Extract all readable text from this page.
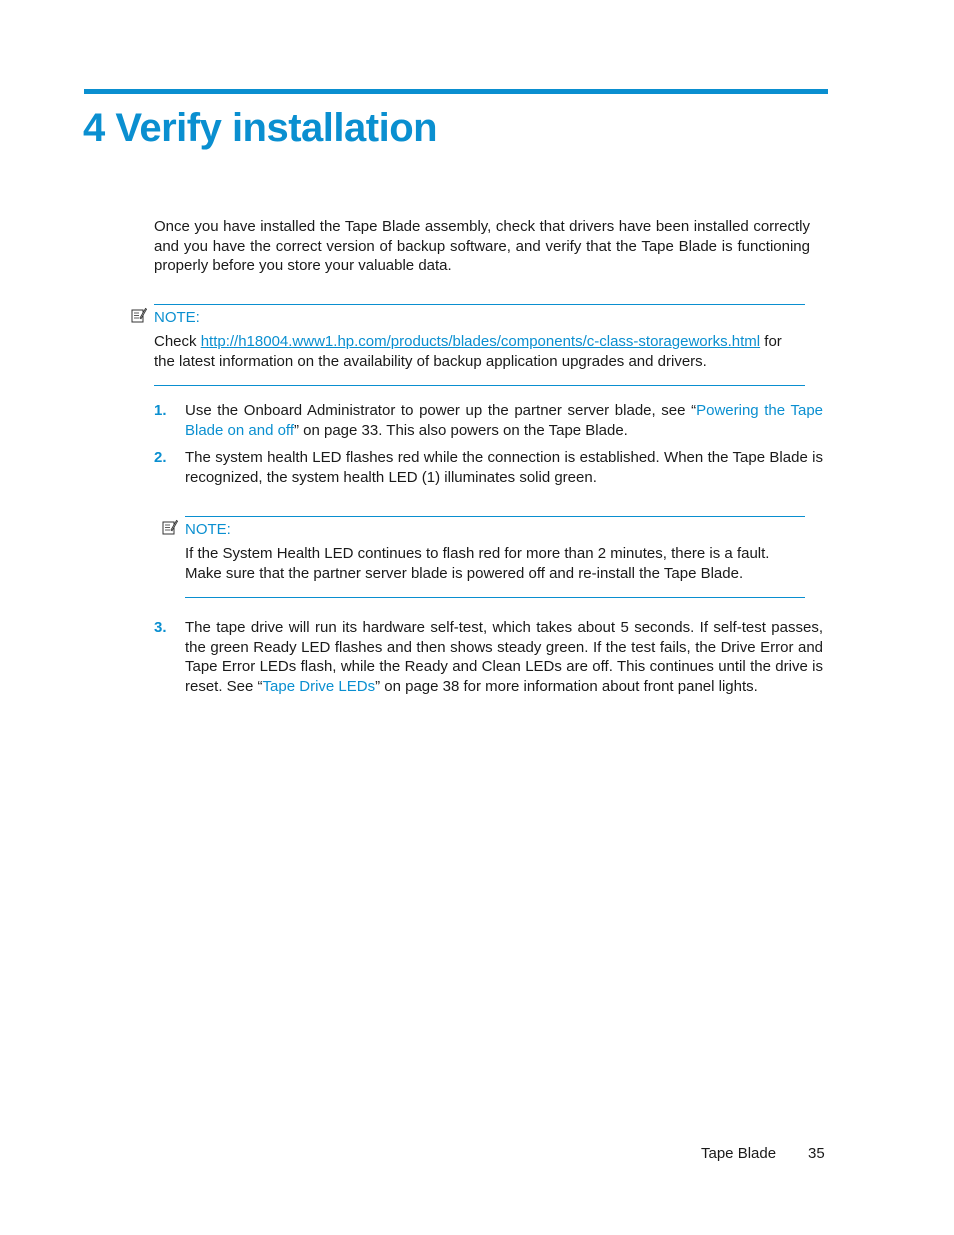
4 Verify installation

Once you have installed the Tape Blade assembly, check that drivers have been installed correctly and you have the correct version of backup software, and verify that the Tape Blade is functioning properly before you store your valuable data.

NOTE:

Check http://h18004.www1.hp.com/products/blades/components/c-class-storageworks.html for the latest information on the availability of backup application upgrades and drivers.

1. Use the Onboard Administrator to power up the partner server blade, see “Powering the Tape Blade on and off” on page 33. This also powers on the Tape Blade.

2. The system health LED flashes red while the connection is established. When the Tape Blade is recognized, the system health LED (1) illuminates solid green.

NOTE:

If the System Health LED continues to flash red for more than 2 minutes, there is a fault. Make sure that the partner server blade is powered off and re-install the Tape Blade.

3. The tape drive will run its hardware self-test, which takes about 5 seconds. If self-test passes, the green Ready LED flashes and then shows steady green. If the test fails, the Drive Error and Tape Error LEDs flash, while the Ready and Clean LEDs are off. This continues until the drive is reset. See “Tape Drive LEDs” on page 38 for more information about front panel lights.

Tape Blade 35
